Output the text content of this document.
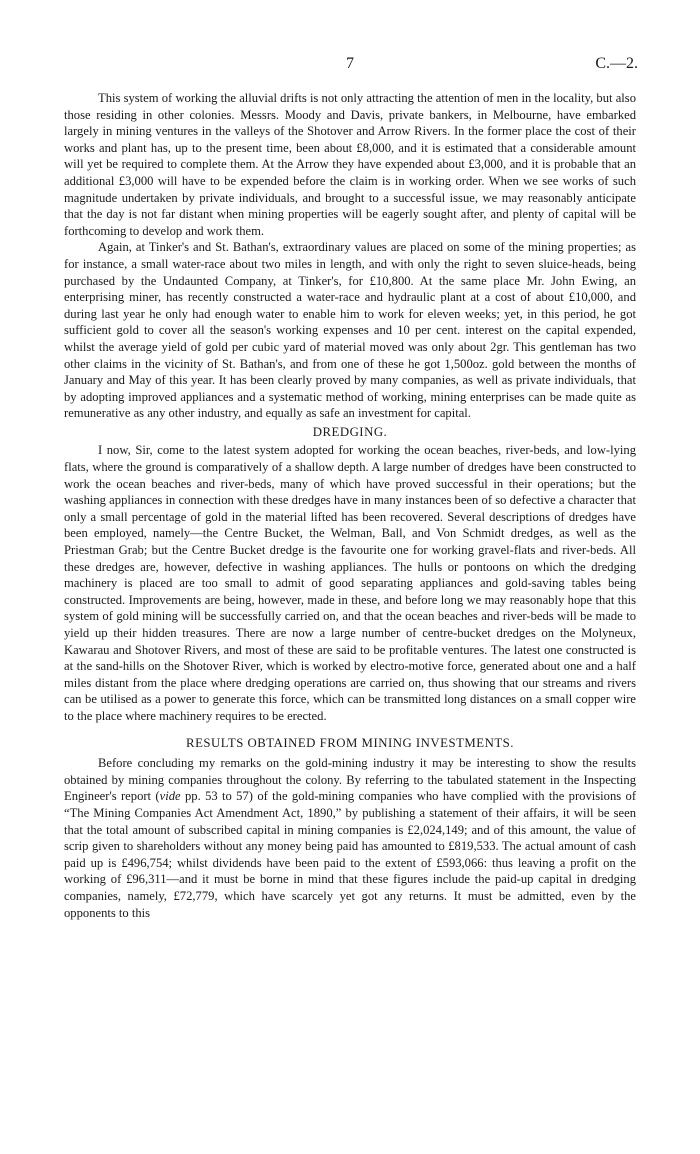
7	C.—2.

This system of working the alluvial drifts is not only attracting the attention of men in the locality, but also those residing in other colonies. Messrs. Moody and Davis, private bankers, in Melbourne, have embarked largely in mining ventures in the valleys of the Shotover and Arrow Rivers. In the former place the cost of their works and plant has, up to the present time, been about £8,000, and it is estimated that a considerable amount will yet be required to complete them. At the Arrow they have expended about £3,000, and it is probable that an additional £3,000 will have to be expended before the claim is in working order. When we see works of such magnitude undertaken by private individuals, and brought to a successful issue, we may reasonably anticipate that the day is not far distant when mining properties will be eagerly sought after, and plenty of capital will be forthcoming to develop and work them.

Again, at Tinker's and St. Bathan's, extraordinary values are placed on some of the mining properties; as for instance, a small water-race about two miles in length, and with only the right to seven sluice-heads, being purchased by the Undaunted Company, at Tinker's, for £10,800. At the same place Mr. John Ewing, an enterprising miner, has recently constructed a water-race and hydraulic plant at a cost of about £10,000, and during last year he only had enough water to enable him to work for eleven weeks; yet, in this period, he got sufficient gold to cover all the season's working expenses and 10 per cent. interest on the capital expended, whilst the average yield of gold per cubic yard of material moved was only about 2gr. This gentleman has two other claims in the vicinity of St. Bathan's, and from one of these he got 1,500oz. gold between the months of January and May of this year. It has been clearly proved by many companies, as well as private individuals, that by adopting improved appliances and a systematic method of working, mining enterprises can be made quite as remunerative as any other industry, and equally as safe an investment for capital.

DREDGING.

I now, Sir, come to the latest system adopted for working the ocean beaches, river-beds, and low-lying flats, where the ground is comparatively of a shallow depth. A large number of dredges have been constructed to work the ocean beaches and river-beds, many of which have proved successful in their operations; but the washing appliances in connection with these dredges have in many instances been of so defective a character that only a small percentage of gold in the material lifted has been recovered. Several descriptions of dredges have been employed, namely—the Centre Bucket, the Welman, Ball, and Von Schmidt dredges, as well as the Priestman Grab; but the Centre Bucket dredge is the favourite one for working gravel-flats and river-beds. All these dredges are, however, defective in washing appliances. The hulls or pontoons on which the dredging machinery is placed are too small to admit of good separating appliances and gold-saving tables being constructed. Improvements are being, however, made in these, and before long we may reasonably hope that this system of gold mining will be successfully carried on, and that the ocean beaches and river-beds will be made to yield up their hidden treasures. There are now a large number of centre-bucket dredges on the Molyneux, Kawarau and Shotover Rivers, and most of these are said to be profitable ventures. The latest one constructed is at the sand-hills on the Shotover River, which is worked by electro-motive force, generated about one and a half miles distant from the place where dredging operations are carried on, thus showing that our streams and rivers can be utilised as a power to generate this force, which can be transmitted long distances on a small copper wire to the place where machinery requires to be erected.

RESULTS OBTAINED FROM MINING INVESTMENTS.

Before concluding my remarks on the gold-mining industry it may be interesting to show the results obtained by mining companies throughout the colony. By referring to the tabulated statement in the Inspecting Engineer's report (vide pp. 53 to 57) of the gold-mining companies who have complied with the provisions of “The Mining Companies Act Amendment Act, 1890,” by publishing a statement of their affairs, it will be seen that the total amount of subscribed capital in mining companies is £2,024,149; and of this amount, the value of scrip given to shareholders without any money being paid has amounted to £819,533. The actual amount of cash paid up is £496,754; whilst dividends have been paid to the extent of £593,066: thus leaving a profit on the working of £96,311—and it must be borne in mind that these figures include the paid-up capital in dredging companies, namely, £72,779, which have scarcely yet got any returns. It must be admitted, even by the opponents to this
